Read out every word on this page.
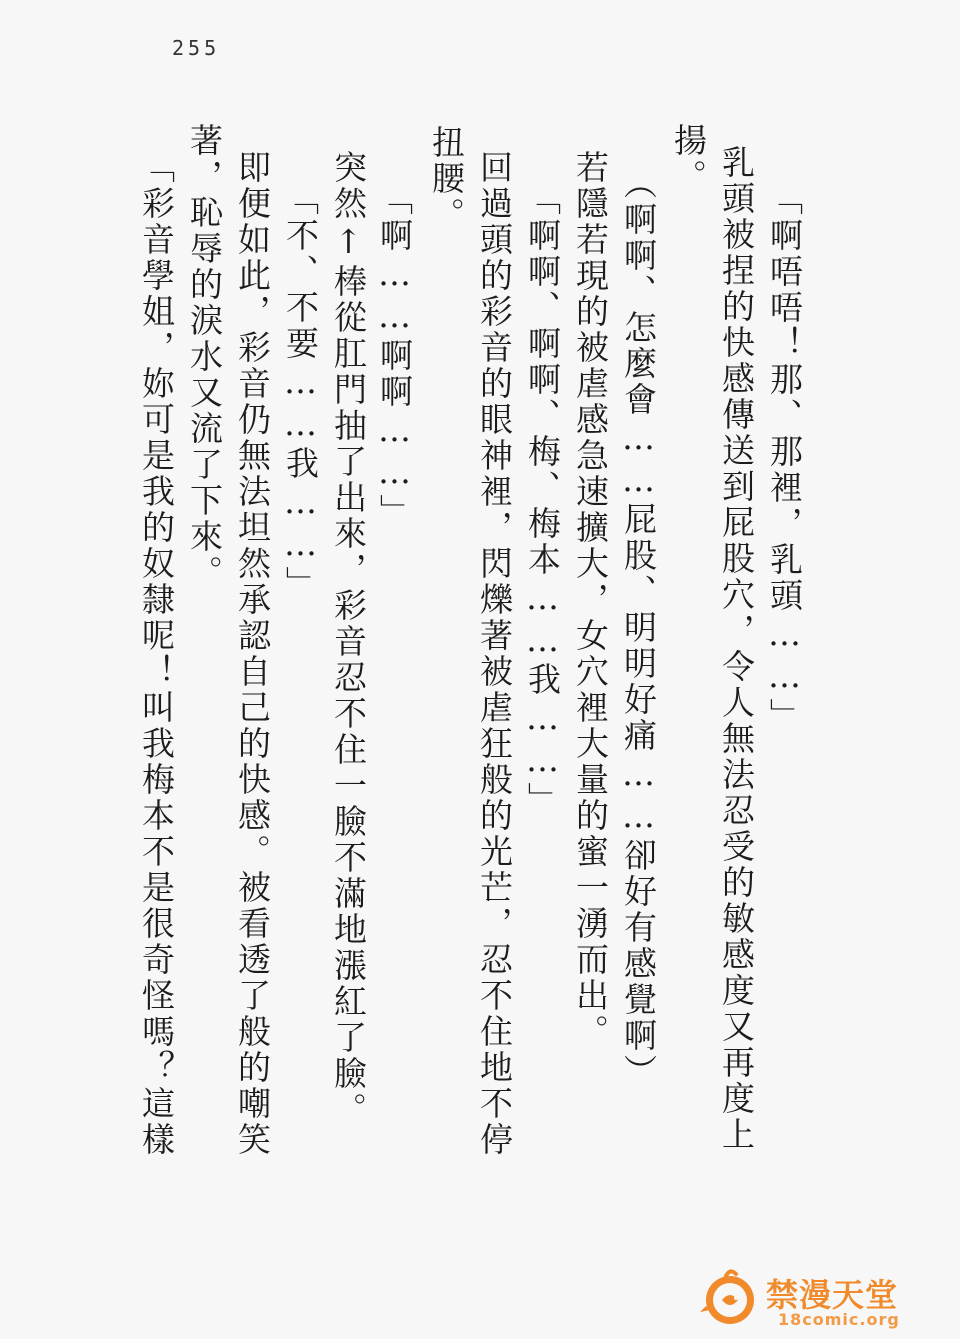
255
「啊唔唔！那、那裡，乳頭……」
乳頭被捏的快感傳送到屁股穴，令人無法忍受的敏感度又再度上
揚。
（啊啊、怎麼會……屁股、明明好痛……卻好有感覺啊）
若隱若現的被虐感急速擴大，女穴裡大量的蜜一湧而出。
「啊啊、啊啊、梅、梅本……我……」
回過頭的彩音的眼神裡，閃爍著被虐狂般的光芒，忍不住地不停
扭腰。
「啊……啊啊……」
突然↑棒從肛門抽了出來，彩音忍不住一臉不滿地漲紅了臉。
「不、不要……我……」
即便如此，彩音仍無法坦然承認自己的快感。被看透了般的嘲笑
著，恥辱的淚水又流了下來。
「彩音學姐，妳可是我的奴隸呢！叫我梅本不是很奇怪嗎？這樣
禁漫天堂
18comic.org
